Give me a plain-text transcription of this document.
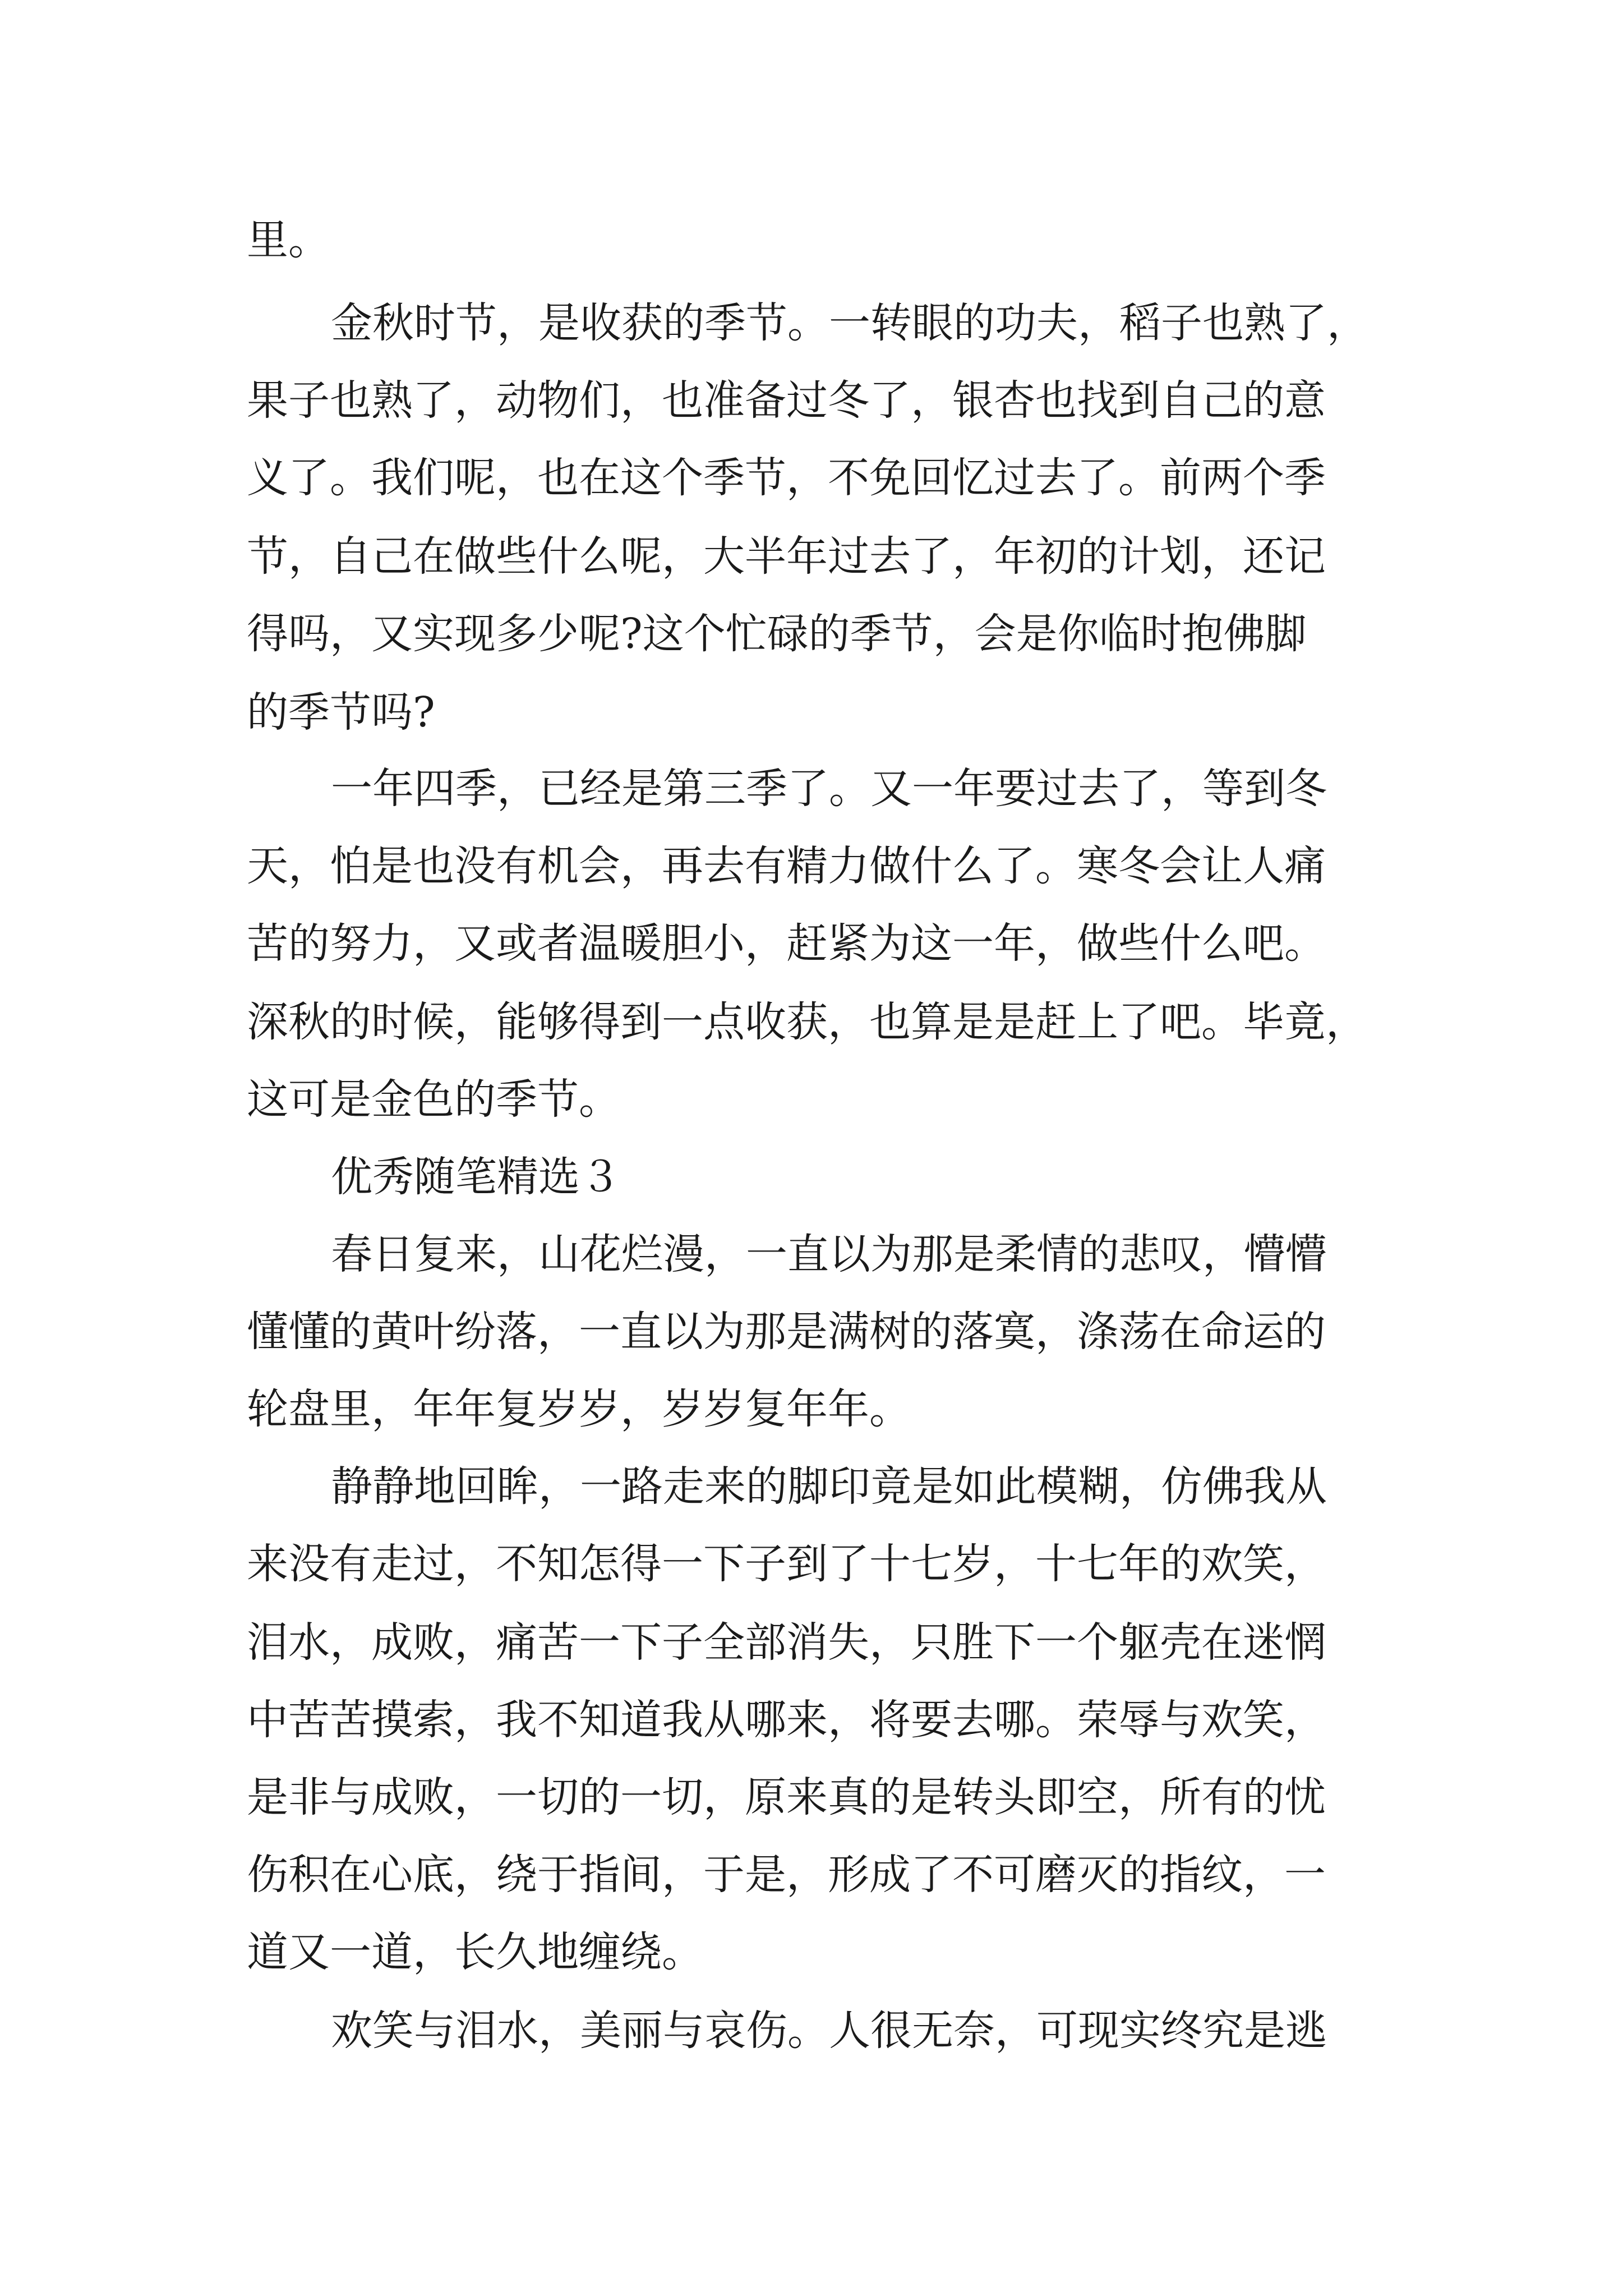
里。

金秋时节，是收获的季节。一转眼的功夫，稻子也熟了，

果子也熟了，动物们，也准备过冬了，银杏也找到自己的意

义了。我们呢，也在这个季节，不免回忆过去了。前两个季

节，自己在做些什么呢，大半年过去了，年初的计划，还记

得吗，又实现多少呢?这个忙碌的季节，会是你临时抱佛脚

的季节吗?

一年四季，已经是第三季了。又一年要过去了，等到冬

天，怕是也没有机会，再去有精力做什么了。寒冬会让人痛

苦的努力，又或者温暖胆小，赶紧为这一年，做些什么吧。

深秋的时候，能够得到一点收获，也算是是赶上了吧。毕竟，

这可是金色的季节。

优秀随笔精选３

春日复来，山花烂漫，一直以为那是柔情的悲叹，懵懵

懂懂的黄叶纷落，一直以为那是满树的落寞，涤荡在命运的

轮盘里，年年复岁岁，岁岁复年年。

静静地回眸，一路走来的脚印竟是如此模糊，仿佛我从

来没有走过，不知怎得一下子到了十七岁，十七年的欢笑，

泪水，成败，痛苦一下子全部消失，只胜下一个躯壳在迷惘

中苦苦摸索，我不知道我从哪来，将要去哪。荣辱与欢笑，

是非与成败，一切的一切，原来真的是转头即空，所有的忧

伤积在心底，绕于指间，于是，形成了不可磨灭的指纹，一

道又一道，长久地缠绕。

欢笑与泪水，美丽与哀伤。人很无奈，可现实终究是逃
